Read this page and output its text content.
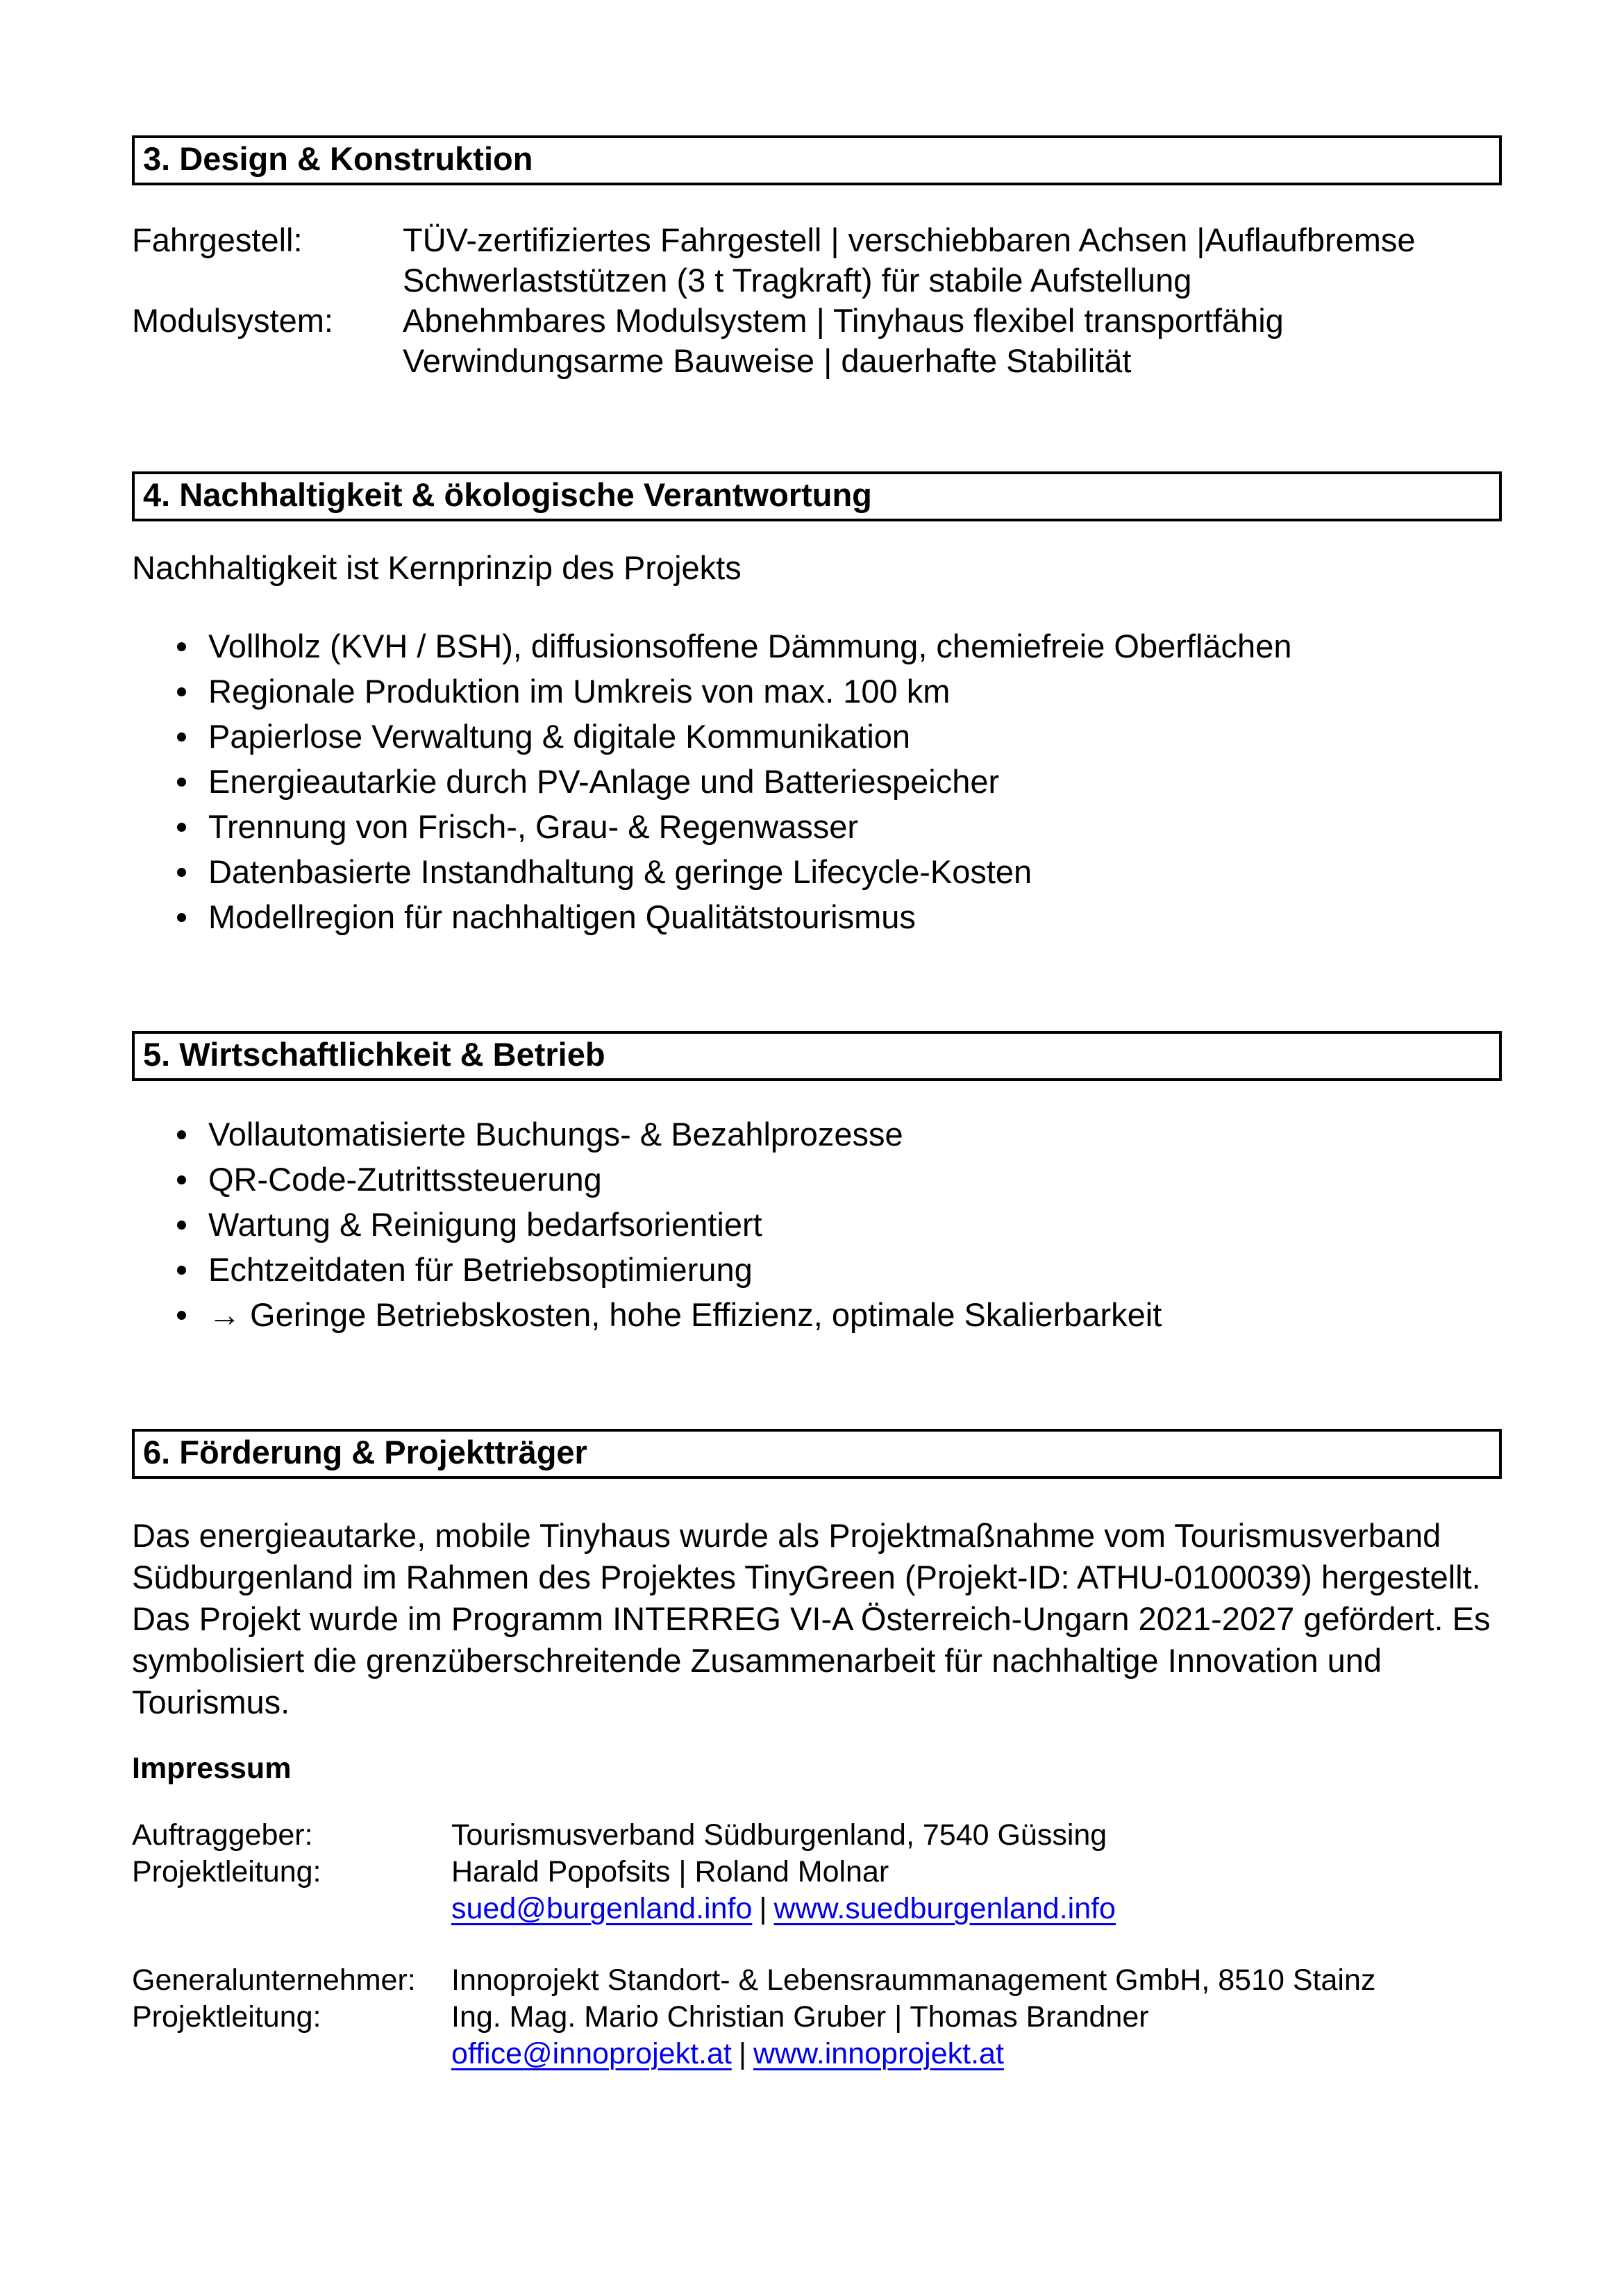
3. Design & Konstruktion
Fahrgestell:	TÜV-zertifiziertes Fahrgestell | verschiebbaren Achsen |Auflaufbremse
Schwerlaststützen (3 t Tragkraft) für stabile Aufstellung
Modulsystem:	Abnehmbares Modulsystem | Tinyhaus flexibel transportfähig
Verwindungsarme Bauweise | dauerhafte Stabilität
4. Nachhaltigkeit & ökologische Verantwortung
Nachhaltigkeit ist Kernprinzip des Projekts
Vollholz (KVH / BSH), diffusionsoffene Dämmung, chemiefreie Oberflächen
Regionale Produktion im Umkreis von max. 100 km
Papierlose Verwaltung & digitale Kommunikation
Energieautarkie durch PV-Anlage und Batteriespeicher
Trennung von Frisch-, Grau- & Regenwasser
Datenbasierte Instandhaltung & geringe Lifecycle-Kosten
Modellregion für nachhaltigen Qualitätstourismus
5. Wirtschaftlichkeit & Betrieb
Vollautomatisierte Buchungs- & Bezahlprozesse
QR-Code-Zutrittssteuerung
Wartung & Reinigung bedarfsorientiert
Echtzeitdaten für Betriebsoptimierung
→ Geringe Betriebskosten, hohe Effizienz, optimale Skalierbarkeit
6. Förderung & Projektträger
Das energieautarke, mobile Tinyhaus wurde als Projektmaßnahme vom Tourismusverband
Südburgenland im Rahmen des Projektes TinyGreen (Projekt-ID: ATHU-0100039) hergestellt.
Das Projekt wurde im Programm INTERREG VI-A Österreich-Ungarn 2021-2027 gefördert. Es
symbolisiert die grenzüberschreitende Zusammenarbeit für nachhaltige Innovation und
Tourismus.
Impressum
Auftraggeber:	Tourismusverband Südburgenland, 7540 Güssing
Projektleitung:	Harald Popofsits | Roland Molnar
sued@burgenland.info | www.suedburgenland.info
Generalunternehmer:	Innoprojekt Standort- & Lebensraummanagement GmbH, 8510 Stainz
Projektleitung:	Ing. Mag. Mario Christian Gruber | Thomas Brandner
office@innoprojekt.at | www.innoprojekt.at
